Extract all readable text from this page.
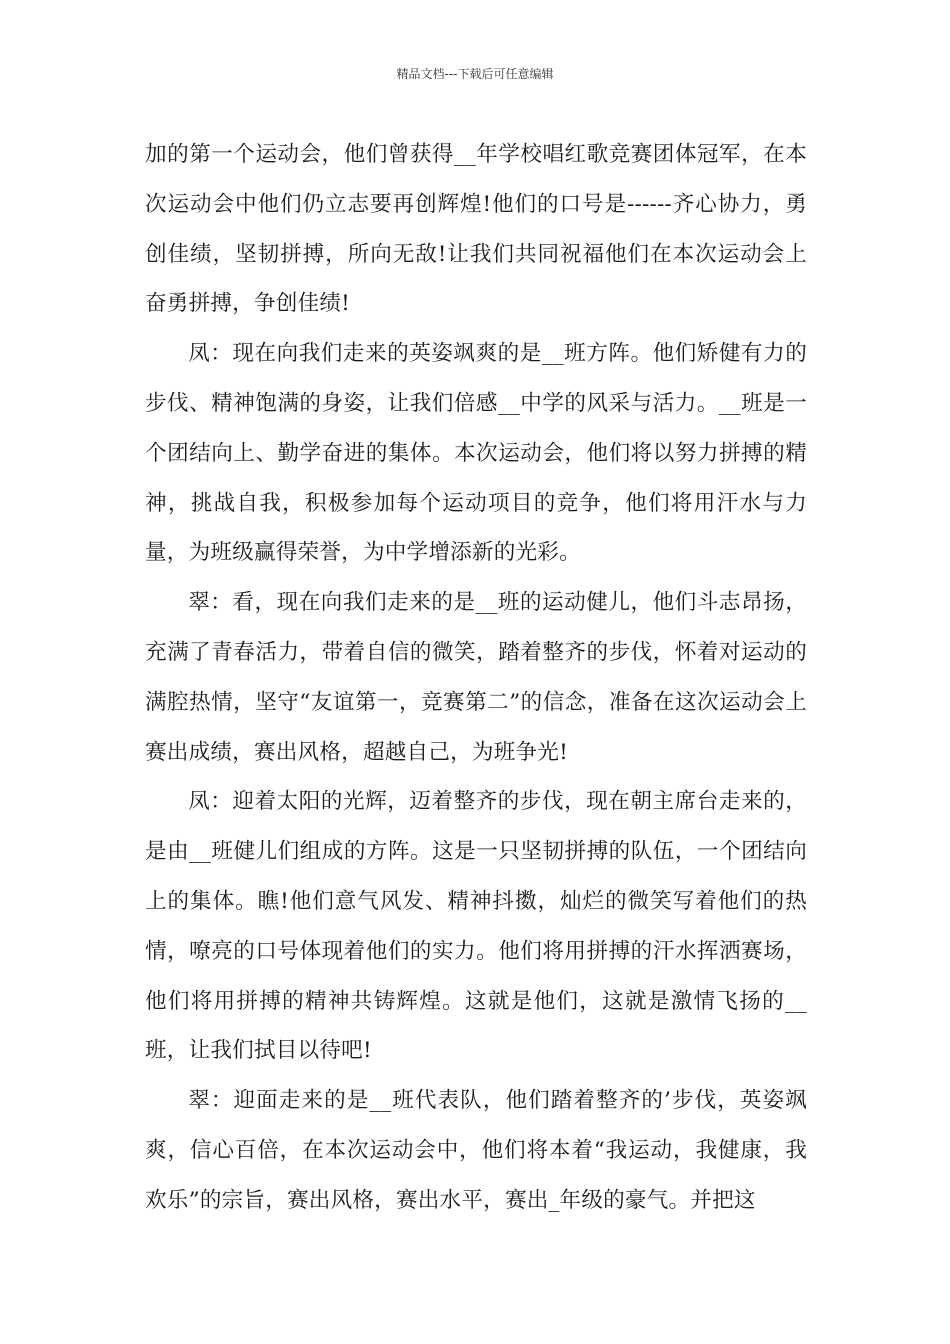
精品文档---下载后可任意编辑

加的第一个运动会，他们曾获得__年学校唱红歌竞赛团体冠军，在本次运动会中他们仍立志要再创辉煌!他们的口号是------齐心协力，勇创佳绩，坚韧拼搏，所向无敌!让我们共同祝福他们在本次运动会上奋勇拼搏，争创佳绩!

凤：现在向我们走来的英姿飒爽的是__班方阵。他们矫健有力的步伐、精神饱满的身姿，让我们倍感__中学的风采与活力。__班是一个团结向上、勤学奋进的集体。本次运动会，他们将以努力拼搏的精神，挑战自我，积极参加每个运动项目的竞争，他们将用汗水与力量，为班级赢得荣誉，为中学增添新的光彩。

翠：看，现在向我们走来的是__班的运动健儿，他们斗志昂扬，充满了青春活力，带着自信的微笑，踏着整齐的步伐，怀着对运动的满腔热情，坚守“友谊第一，竞赛第二”的信念，准备在这次运动会上赛出成绩，赛出风格，超越自己，为班争光!

凤：迎着太阳的光辉，迈着整齐的步伐，现在朝主席台走来的，是由__班健儿们组成的方阵。这是一只坚韧拼搏的队伍，一个团结向上的集体。瞧!他们意气风发、精神抖擞，灿烂的微笑写着他们的热情，嘹亮的口号体现着他们的实力。他们将用拼搏的汗水挥洒赛场，他们将用拼搏的精神共铸辉煌。这就是他们，这就是激情飞扬的__班，让我们拭目以待吧!

翠：迎面走来的是__班代表队，他们踏着整齐的’步伐，英姿飒爽，信心百倍，在本次运动会中，他们将本着“我运动，我健康，我欢乐”的宗旨，赛出风格，赛出水平，赛出_年级的豪气。并把这
